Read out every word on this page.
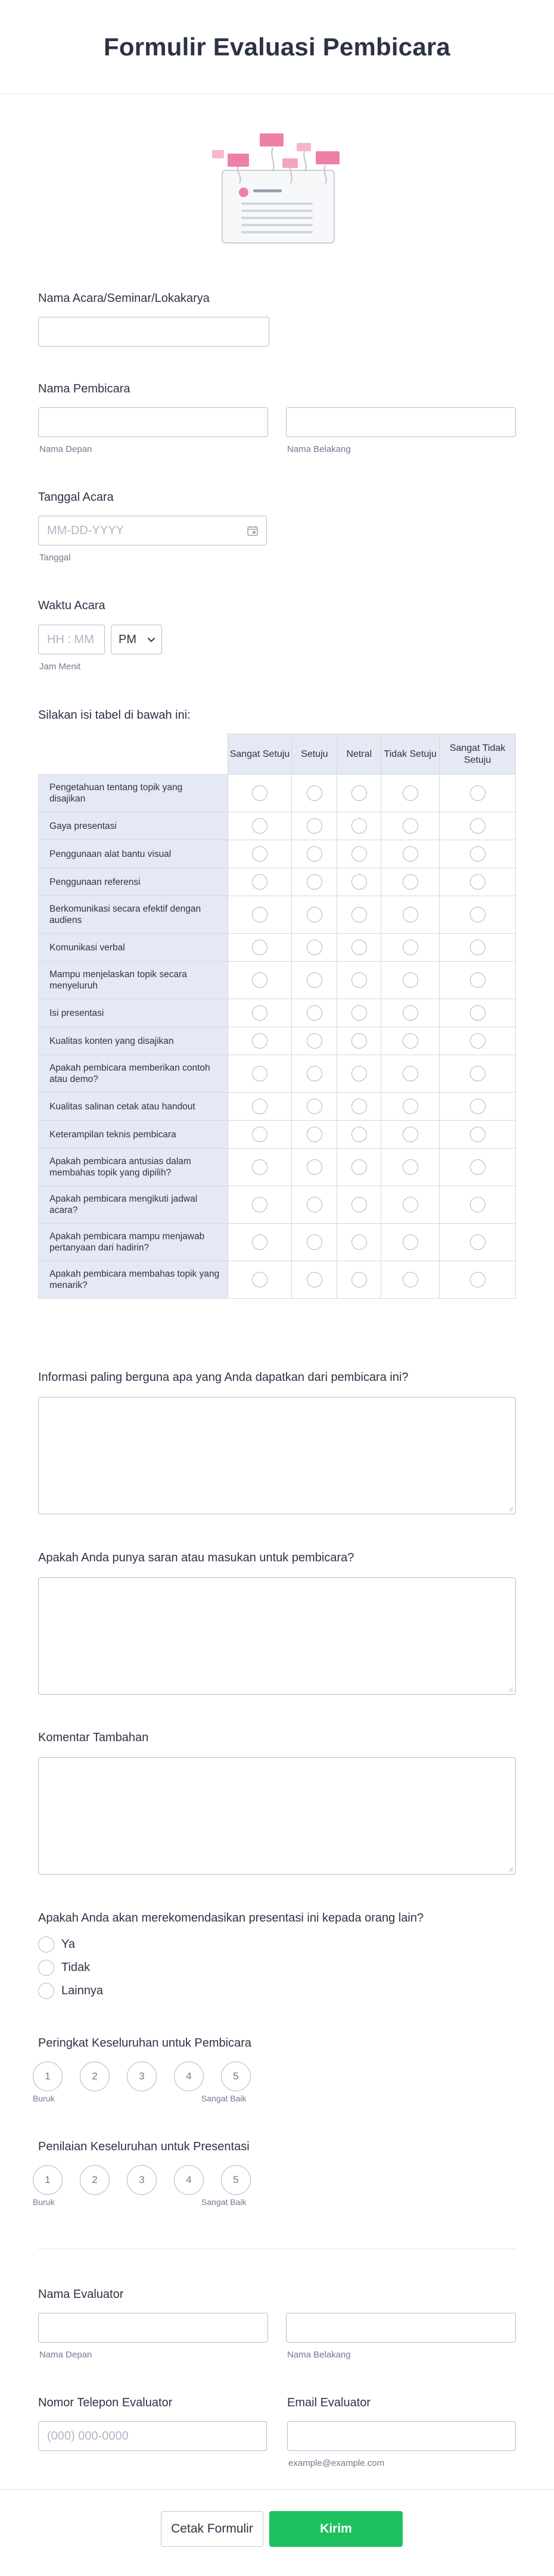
Formulir Evaluasi Pembicara
Nama Acara/Seminar/Lokakarya
Nama Pembicara
Nama Depan	Nama Belakang
Tanggal Acara
MM-DD-YYYY
Tanggal
Waktu Acara
HH : MM PM
Jam Menit
Silakan isi tabel di bawah ini:
	Sangat Setuju	Setuju	Netral	Tidak Setuju	Sangat Tidak Setuju
Pengetahuan tentang topik yang disajikan					
Gaya presentasi					
Penggunaan alat bantu visual					
Penggunaan referensi					
Berkomunikasi secara efektif dengan audiens					
Komunikasi verbal					
Mampu menjelaskan topik secara menyeluruh					
Isi presentasi					
Kualitas konten yang disajikan					
Apakah pembicara memberikan contoh atau demo?					
Kualitas salinan cetak atau handout					
Keterampilan teknis pembicara					
Apakah pembicara antusias dalam membahas topik yang dipilih?					
Apakah pembicara mengikuti jadwal acara?					
Apakah pembicara mampu menjawab pertanyaan dari hadirin?					
Apakah pembicara membahas topik yang menarik?					
Informasi paling berguna apa yang Anda dapatkan dari pembicara ini?
Apakah Anda punya saran atau masukan untuk pembicara?
Komentar Tambahan
Apakah Anda akan merekomendasikan presentasi ini kepada orang lain?
Ya
Tidak
Lainnya
Peringkat Keseluruhan untuk Pembicara
1	2	3	4	5
Buruk	Sangat Baik
Penilaian Keseluruhan untuk Presentasi
1	2	3	4	5
Buruk	Sangat Baik
Nama Evaluator
Nama Depan	Nama Belakang
Nomor Telepon Evaluator
(000) 000-0000
Email Evaluator
example@example.com
Cetak Formulir	Kirim
